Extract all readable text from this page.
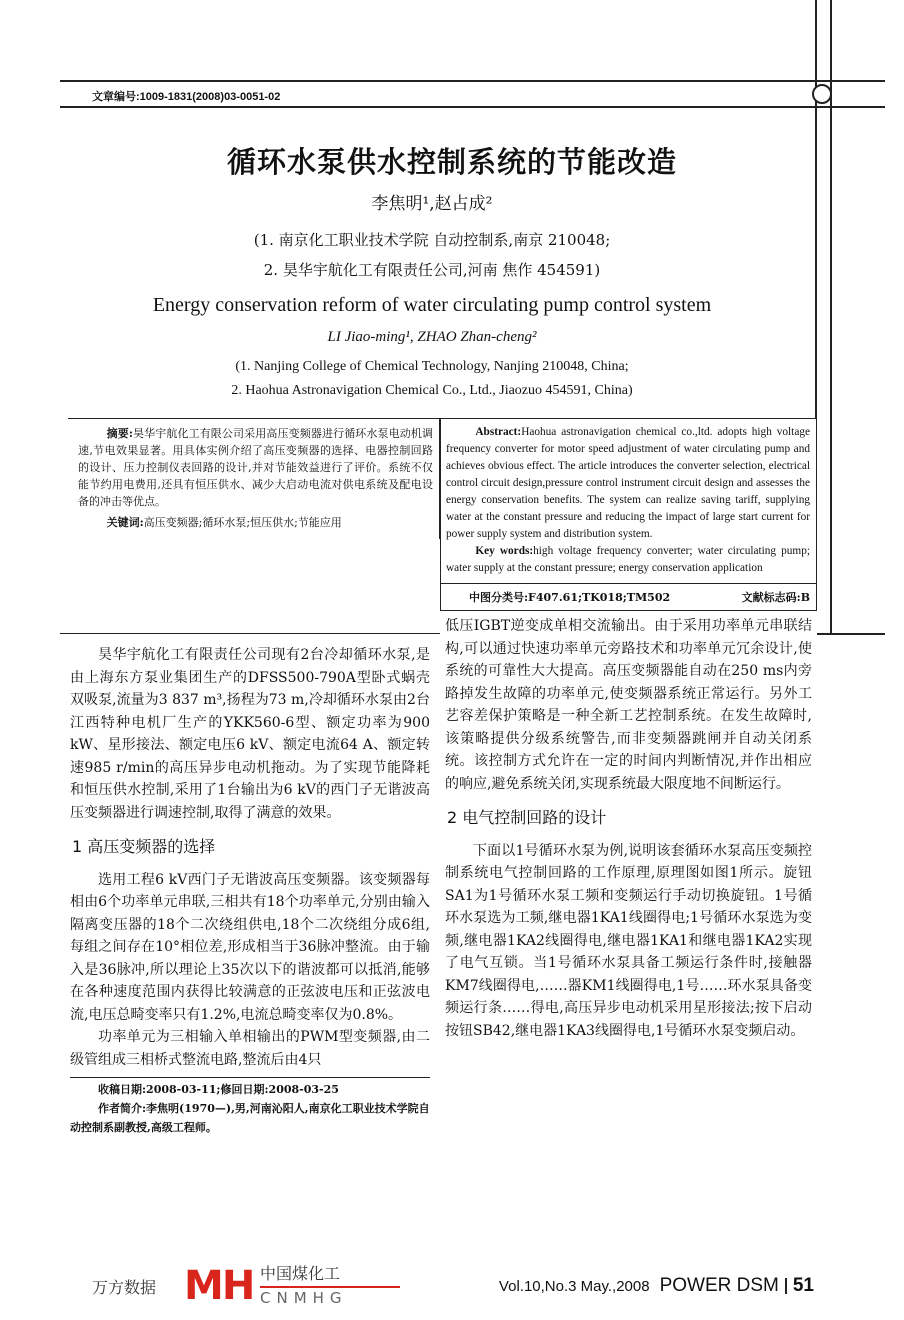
文章编号:1009-1831(2008)03-0051-02
循环水泵供水控制系统的节能改造
李焦明¹,赵占成²
(1. 南京化工职业技术学院 自动控制系,南京 210048;
2. 昊华宇航化工有限责任公司,河南 焦作 454591)
Energy conservation reform of water circulating pump control system
LI Jiao-ming¹, ZHAO Zhan-cheng²
(1. Nanjing College of Chemical Technology, Nanjing 210048, China;
2. Haohua Astronavigation Chemical Co., Ltd., Jiaozuo 454591, China)

摘要:昊华宇航化工有限公司采用高压变频器进行循环水泵电动机调速,节电效果显著。用具体实例介绍了高压变频器的选择、电器控制回路的设计、压力控制仪表回路的设计,并对节能效益进行了评价。系统不仅能节约用电费用,还具有恒压供水、减少大启动电流对供电系统及配电设备的冲击等优点。

关键词:高压变频器;循环水泵;恒压供水;节能应用

昊华宇航化工有限责任公司现有2台冷却循环水泵,是由上海东方泵业集团生产的DFSS500-790A型卧式蜗壳双吸泵,流量为3 837 m³,扬程为73 m,冷却循环水泵由2台江西特种电机厂生产的YKK560-6型、额定功率为900 kW、星形接法、额定电压6 kV、额定电流64 A、额定转速985 r/min的高压异步电动机拖动。为了实现节能降耗和恒压供水控制,采用了1台输出为6 kV的西门子无谐波高压变频器进行调速控制,取得了满意的效果。

1 高压变频器的选择

选用工程6 kV西门子无谐波高压变频器。该变频器每相由6个功率单元串联,三相共有18个功率单元,分别由输入隔离变压器的18个二次绕组供电,18个二次绕组分成6组,每组之间存在10°相位差,形成相当于36脉冲整流。由于输入是36脉冲,所以理论上35次以下的谐波都可以抵消,能够在各种速度范围内获得比较满意的正弦波电压和正弦波电流,电压总畸变率只有1.2%,电流总畸变率仅为0.8%。

功率单元为三相输入单相输出的PWM型变频器,由二级管组成三相桥式整流电路,整流后由4只

收稿日期:2008-03-11;修回日期:2008-03-25
作者简介:李焦明(1970—),男,河南沁阳人,南京化工职业技术学院自动控制系副教授,高级工程师。

Abstract:Haohua astronavigation chemical co.,ltd. adopts high voltage frequency converter for motor speed adjustment of water circulating pump and achieves obvious effect. The article introduces the converter selection, electrical control circuit design,pressure control instrument circuit design and assesses the energy conservation benefits. The system can realize saving tariff, supplying water at the constant pressure and reducing the impact of large start current for power supply system and distribution system.

Key words:high voltage frequency converter; water circulating pump; water supply at the constant pressure; energy conservation application

中图分类号:F407.61;TK018;TM502	文献标志码:B

低压IGBT逆变成单相交流输出。由于采用功率单元串联结构,可以通过快速功率单元旁路技术和功率单元冗余设计,使系统的可靠性大大提高。高压变频器能自动在250 ms内旁路掉发生故障的功率单元,使变频器系统正常运行。另外工艺容差保护策略是一种全新工艺控制系统。在发生故障时,该策略提供分级系统警告,而非变频器跳闸并自动关闭系统。该控制方式允许在一定的时间内判断情况,并作出相应的响应,避免系统关闭,实现系统最大限度地不间断运行。

2 电气控制回路的设计

下面以1号循环水泵为例,说明该套循环水泵高压变频控制系统电气控制回路的工作原理,原理图如图1所示。旋钮SA1为1号循环水泵工频和变频运行手动切换旋钮。1号循环水泵选为工频,继电器1KA1线圈得电;1号循环水泵选为变频,继电器1KA2线圈得电,继电器1KA1和继电器1KA2实现了电气互锁。当1号循环水泵具备工频运行条件时,接触器KM7线圈得电,……器KM1线圈得电,1号……环水泵具备变频运行条……得电,高压异步电动机采用星形接法;按下启动按钮SB42,继电器1KA3线圈得电,1号循环水泵变频启动。

万方数据 MH 中国煤化工
CNMHG
Vol.10,No.3 May.,2008 POWER DSM 51
